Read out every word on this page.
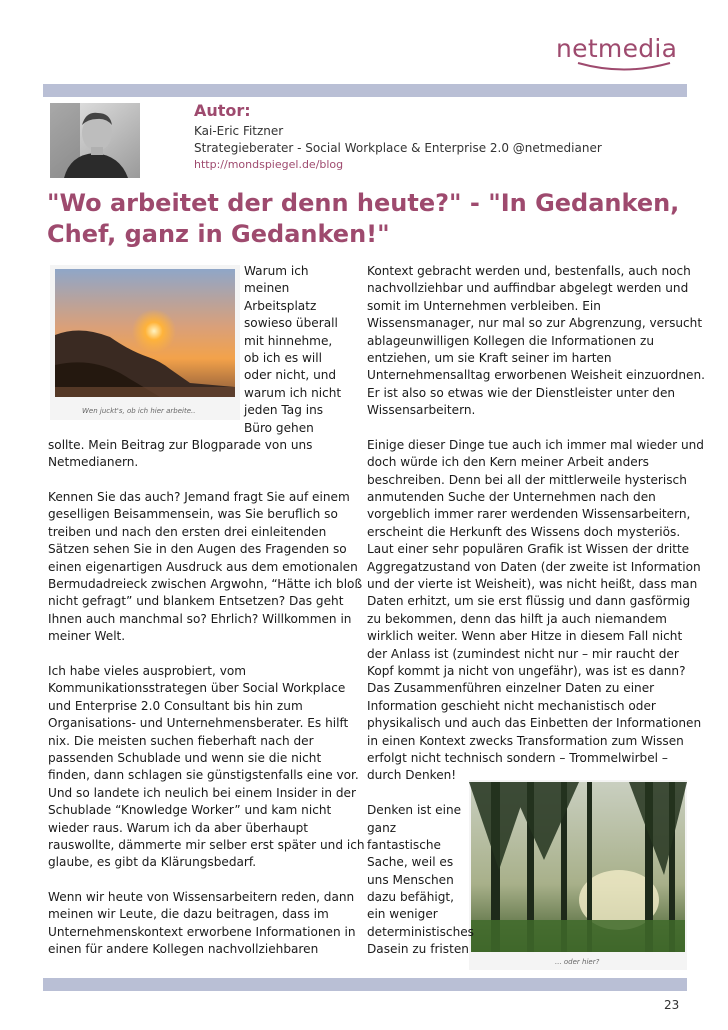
netmedia
Autor:
Kai-Eric Fitzner
Strategieberater - Social Workplace & Enterprise 2.0 @netmedianer
http://mondspiegel.de/blog
"Wo arbeitet der denn heute?" - "In Gedanken,
Chef, ganz in Gedanken!"
Wen juckt's, ob ich hier arbeite..
... oder hier?
Warum ich
meinen
Arbeitsplatz
sowieso überall
mit hinnehme,
ob ich es will
oder nicht, und
warum ich nicht
jeden Tag ins
Büro gehen
sollte. Mein Beitrag zur Blogparade von uns
Netmedianern.
Kennen Sie das auch? Jemand fragt Sie auf einem
geselligen Beisammensein, was Sie beruflich so
treiben und nach den ersten drei einleitenden
Sätzen sehen Sie in den Augen des Fragenden so
einen eigenartigen Ausdruck aus dem emotionalen
Bermudadreieck zwischen Argwohn, “Hätte ich bloß
nicht gefragt” und blankem Entsetzen? Das geht
Ihnen auch manchmal so? Ehrlich? Willkommen in
meiner Welt.
Ich habe vieles ausprobiert, vom
Kommunikationsstrategen über Social Workplace
und Enterprise 2.0 Consultant bis hin zum
Organisations- und Unternehmensberater. Es hilft
nix. Die meisten suchen fieberhaft nach der
passenden Schublade und wenn sie die nicht
finden, dann schlagen sie günstigstenfalls eine vor.
Und so landete ich neulich bei einem Insider in der
Schublade “Knowledge Worker” und kam nicht
wieder raus. Warum ich da aber überhaupt
rauswollte, dämmerte mir selber erst später und ich
glaube, es gibt da Klärungsbedarf.
Wenn wir heute von Wissensarbeitern reden, dann
meinen wir Leute, die dazu beitragen, dass im
Unternehmenskontext erworbene Informationen in
einen für andere Kollegen nachvollziehbaren
Kontext gebracht werden und, bestenfalls, auch noch
nachvollziehbar und auffindbar abgelegt werden und
somit im Unternehmen verbleiben. Ein
Wissensmanager, nur mal so zur Abgrenzung, versucht
ablageunwilligen Kollegen die Informationen zu
entziehen, um sie Kraft seiner im harten
Unternehmensalltag erworbenen Weisheit einzuordnen.
Er ist also so etwas wie der Dienstleister unter den
Wissensarbeitern.
Einige dieser Dinge tue auch ich immer mal wieder und
doch würde ich den Kern meiner Arbeit anders
beschreiben. Denn bei all der mittlerweile hysterisch
anmutenden Suche der Unternehmen nach den
vorgeblich immer rarer werdenden Wissensarbeitern,
erscheint die Herkunft des Wissens doch mysteriös.
Laut einer sehr populären Grafik ist Wissen der dritte
Aggregatzustand von Daten (der zweite ist Information
und der vierte ist Weisheit), was nicht heißt, dass man
Daten erhitzt, um sie erst flüssig und dann gasförmig
zu bekommen, denn das hilft ja auch niemandem
wirklich weiter. Wenn aber Hitze in diesem Fall nicht
der Anlass ist (zumindest nicht nur – mir raucht der
Kopf kommt ja nicht von ungefähr), was ist es dann?
Das Zusammenführen einzelner Daten zu einer
Information geschieht nicht mechanistisch oder
physikalisch und auch das Einbetten der Informationen
in einen Kontext zwecks Transformation zum Wissen
erfolgt nicht technisch sondern – Trommelwirbel –
durch Denken!
Denken ist eine
ganz
fantastische
Sache, weil es
uns Menschen
dazu befähigt,
ein weniger
deterministisches
Dasein zu fristen
23
